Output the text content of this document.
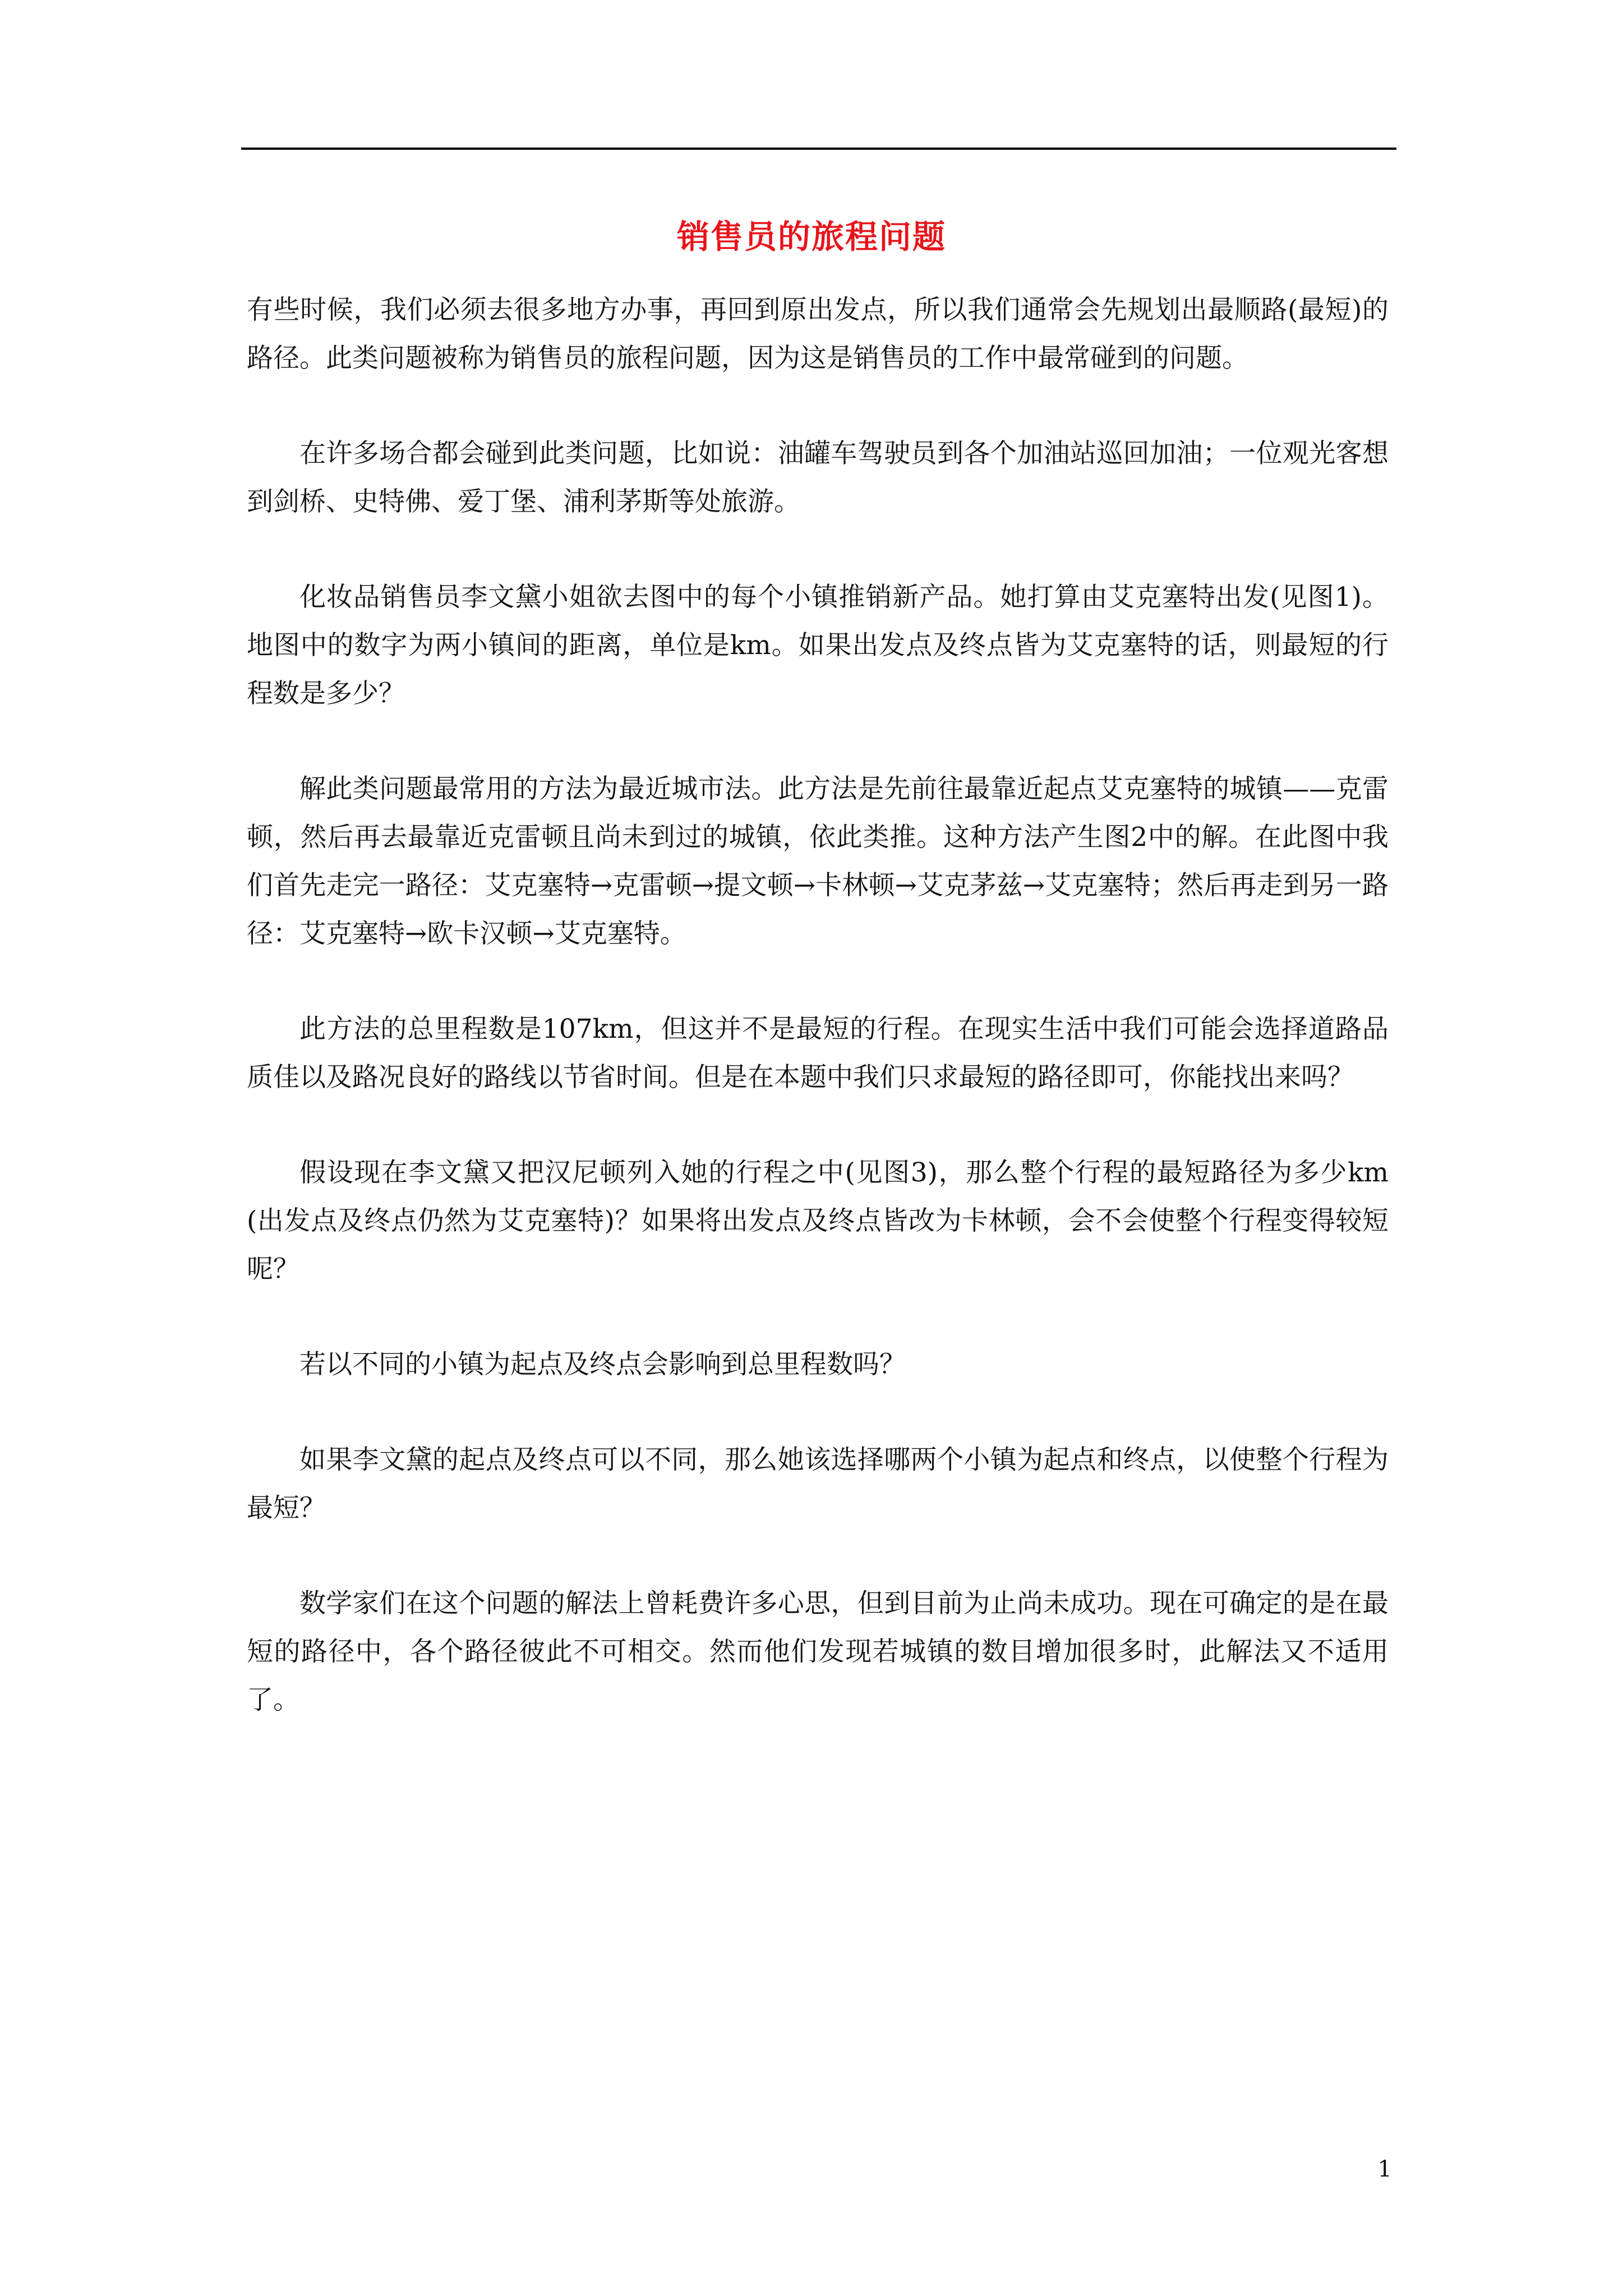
销售员的旅程问题

有些时候，我们必须去很多地方办事，再回到原出发点，所以我们通常会先规划出最顺路(最短)的路径。此类问题被称为销售员的旅程问题，因为这是销售员的工作中最常碰到的问题。

在许多场合都会碰到此类问题，比如说：油罐车驾驶员到各个加油站巡回加油；一位观光客想到剑桥、史特佛、爱丁堡、浦利茅斯等处旅游。

化妆品销售员李文黛小姐欲去图中的每个小镇推销新产品。她打算由艾克塞特出发(见图1)。地图中的数字为两小镇间的距离，单位是km。如果出发点及终点皆为艾克塞特的话，则最短的行程数是多少？

解此类问题最常用的方法为最近城市法。此方法是先前往最靠近起点艾克塞特的城镇——克雷顿，然后再去最靠近克雷顿且尚未到过的城镇，依此类推。这种方法产生图2中的解。在此图中我们首先走完一路径：艾克塞特→克雷顿→提文顿→卡林顿→艾克茅兹→艾克塞特；然后再走到另一路径：艾克塞特→欧卡汉顿→艾克塞特。

此方法的总里程数是107km，但这并不是最短的行程。在现实生活中我们可能会选择道路品质佳以及路况良好的路线以节省时间。但是在本题中我们只求最短的路径即可，你能找出来吗？

假设现在李文黛又把汉尼顿列入她的行程之中(见图3)，那么整个行程的最短路径为多少km(出发点及终点仍然为艾克塞特)？如果将出发点及终点皆改为卡林顿，会不会使整个行程变得较短呢？

若以不同的小镇为起点及终点会影响到总里程数吗？

如果李文黛的起点及终点可以不同，那么她该选择哪两个小镇为起点和终点，以使整个行程为最短？

数学家们在这个问题的解法上曾耗费许多心思，但到目前为止尚未成功。现在可确定的是在最短的路径中，各个路径彼此不可相交。然而他们发现若城镇的数目增加很多时，此解法又不适用了。

1
